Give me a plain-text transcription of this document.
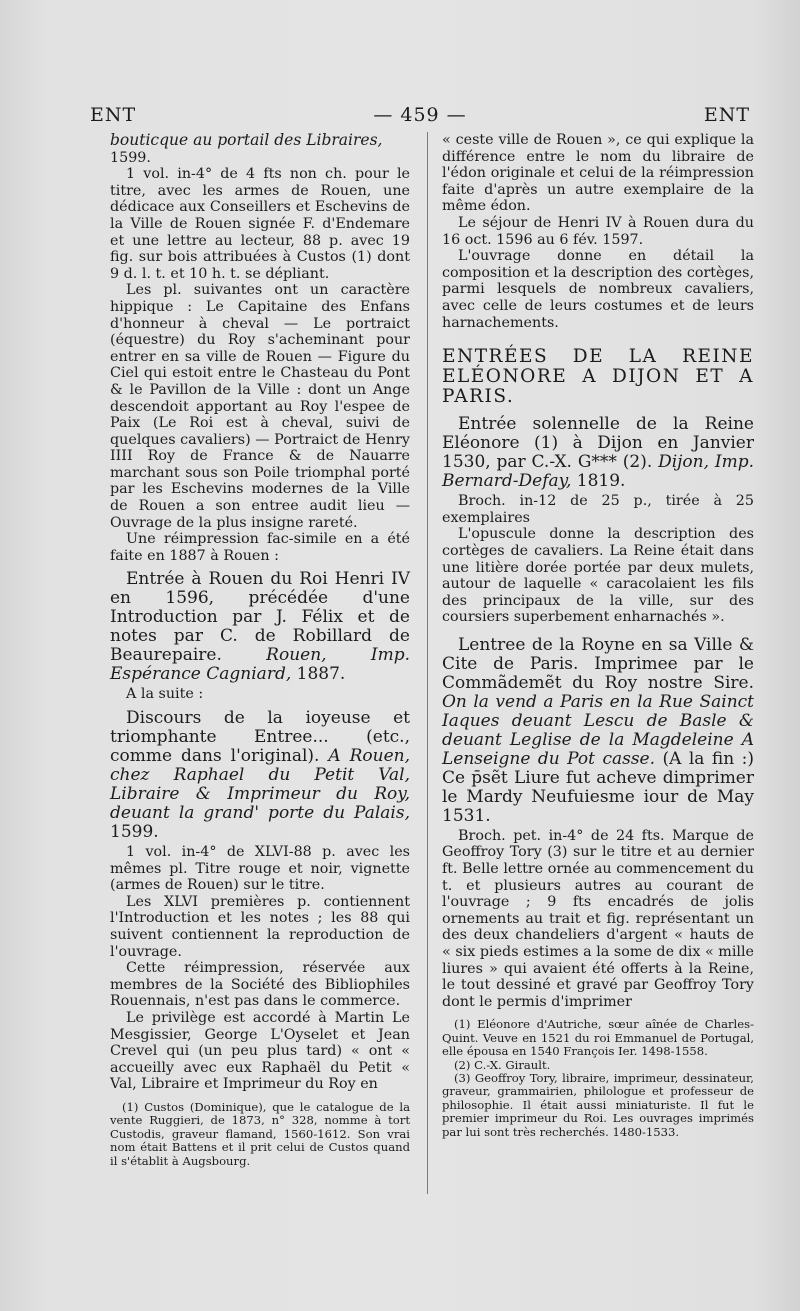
ENT	— 459 —	ENT

bouticque au portail des Libraires,
1599.

1 vol. in-4° de 4 fts non ch. pour le titre, avec les armes de Rouen, une dédicace aux Conseillers et Eschevins de la Ville de Rouen signée F. d'Endemare et une lettre au lecteur, 88 p. avec 19 fig. sur bois attribuées à Custos (1) dont 9 d. l. t. et 10 h. t. se dépliant.

Les pl. suivantes ont un caractère hippique : Le Capitaine des Enfans d'honneur à cheval — Le portraict (équestre) du Roy s'acheminant pour entrer en sa ville de Rouen — Figure du Ciel qui estoit entre le Chasteau du Pont & le Pavillon de la Ville : dont un Ange descendoit apportant au Roy l'espee de Paix (Le Roi est à cheval, suivi de quelques cavaliers) — Portraict de Henry IIII Roy de France & de Nauarre marchant sous son Poile triomphal porté par les Eschevins modernes de la Ville de Rouen a son entree audit lieu — Ouvrage de la plus insigne rareté.

Une réimpression fac-simile en a été faite en 1887 à Rouen :

Entrée à Rouen du Roi Henri IV en 1596, précédée d'une Introduction par J. Félix et de notes par C. de Robillard de Beaurepaire. Rouen, Imp. Espérance Cagniard, 1887.

A la suite :

Discours de la ioyeuse et triomphante Entree... (etc., comme dans l'original). A Rouen, chez Raphael du Petit Val, Libraire & Imprimeur du Roy, deuant la grand' porte du Palais, 1599.

1 vol. in-4° de XLVI-88 p. avec les mêmes pl. Titre rouge et noir, vignette (armes de Rouen) sur le titre.

Les XLVI premières p. contiennent l'Introduction et les notes ; les 88 qui suivent contiennent la reproduction de l'ouvrage.

Cette réimpression, réservée aux membres de la Société des Bibliophiles Rouennais, n'est pas dans le commerce.

Le privilège est accordé à Martin Le Mesgissier, George L'Oyselet et Jean Crevel qui (un peu plus tard) « ont « accueilly avec eux Raphaël du Petit « Val, Libraire et Imprimeur du Roy en

(1) Custos (Dominique), que le catalogue de la vente Ruggieri, de 1873, n° 328, nomme à tort Custodis, graveur flamand, 1560-1612. Son vrai nom était Battens et il prit celui de Custos quand il s'établit à Augsbourg.

« ceste ville de Rouen », ce qui explique la différence entre le nom du libraire de l'édon originale et celui de la réimpression faite d'après un autre exemplaire de la même édon.

Le séjour de Henri IV à Rouen dura du 16 oct. 1596 au 6 fév. 1597.

L'ouvrage donne en détail la composition et la description des cortèges, parmi lesquels de nombreux cavaliers, avec celle de leurs costumes et de leurs harnachements.

ENTRÉES DE LA REINE ELÉONORE A DIJON ET A PARIS.

Entrée solennelle de la Reine Eléonore (1) à Dijon en Janvier 1530, par C.-X. G*** (2). Dijon, Imp. Bernard-Defay, 1819.

Broch. in-12 de 25 p., tirée à 25 exemplaires

L'opuscule donne la description des cortèges de cavaliers. La Reine était dans une litière dorée portée par deux mulets, autour de laquelle « caracolaient les fils des principaux de la ville, sur des coursiers superbement enharnachés ».

Lentree de la Royne en sa Ville & Cite de Paris. Imprimee par le Commãdemẽt du Roy nostre Sire. On la vend a Paris en la Rue Sainct Iaques deuant Lescu de Basle & deuant Leglise de la Magdeleine A Lenseigne du Pot casse. (A la fin :) Ce p̄sẽt Liure fut acheve dimprimer le Mardy Neufuiesme iour de May 1531.

Broch. pet. in-4° de 24 fts. Marque de Geoffroy Tory (3) sur le titre et au dernier ft. Belle lettre ornée au commencement du t. et plusieurs autres au courant de l'ouvrage ; 9 fts encadrés de jolis ornements au trait et fig. représentant un des deux chandeliers d'argent « hauts de « six pieds estimes a la some de dix « mille liures » qui avaient été offerts à la Reine, le tout dessiné et gravé par Geoffroy Tory dont le permis d'imprimer

(1) Eléonore d'Autriche, sœur aînée de Charles-Quint. Veuve en 1521 du roi Emmanuel de Portugal, elle épousa en 1540 François Ier. 1498-1558.

(2) C.-X. Girault.

(3) Geoffroy Tory, libraire, imprimeur, dessinateur, graveur, grammairien, philologue et professeur de philosophie. Il était aussi miniaturiste. Il fut le premier imprimeur du Roi. Les ouvrages imprimés par lui sont très recherchés. 1480-1533.
